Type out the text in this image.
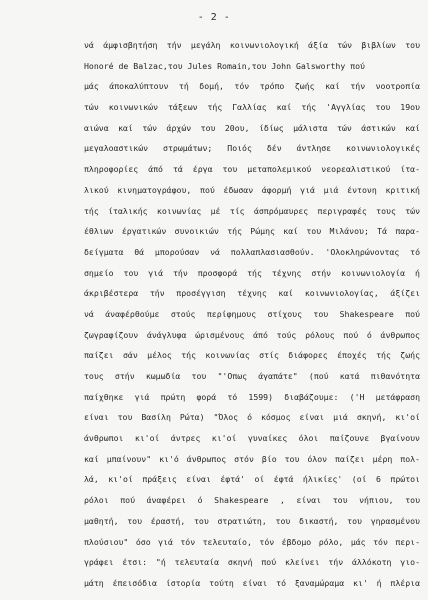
- 2 -
νά άμφισβητήση τήν μεγάλη κοινωνιολογική άξία τών βιβλίων του
Honoré de Balzac,του Jules Romain,του John Galsworthy πού
μάς άποκαλύπτουν τή δομή, τόν τρόπο ζωής καί τήν νοοτροπία
τών κοινωνικών τάξεων τής Γαλλίας καί τής 'Αγγλίας του 19ου
αιώνα καί τών άρχών του 20ου, ίδίως μάλιστα τών άστικών καί
μεγαλοαστικών στρωμάτων; Ποιός δέν άντλησε κοινωνιολογικές
πληροφορίες άπό τά έργα του μεταπολεμικού νεορεαλιστικού ίτα-
λικού κινηματογράφου, πού έδωσαν άφορμή γιά μιά έντονη κριτική
τής ίταλικής κοινωνίας μέ τίς άσπρόμαυρες περιγραφές τους τών
έθλιων έργατικών συνοικιών τής Ρώμης καί του Μιλάνου; Τά παρα-
δείγματα θά μπορούσαν νά πολλαπλασιασθούν. 'Ολοκληρώνοντας τό
σημείο του γιά τήν προσφορά τής τέχνης στήν κοινωνιολογία ή
άκριβέστερα τήν προσέγγιση τέχνης καί κοινωνιολογίας, άξίζει
νά άναφέρθούμε στούς περίφημους στίχους του Shakespeare πού
ζωγραφίζουν άνάγλυφα ώρισμένους άπό τούς ρόλους πού ό άνθρωπος
παίζει σάν μέλος τής κοινωνίας στίς διάφορες έποχές τής ζωής
τους στήν κωμωδία του "'Οπως άγαπάτε" (πού κατά πιθανότητα
παίχθηκε γιά πρώτη φορά τό 1599) διαβάζουμε: ('Η μετάφραση
είναι του Βασίλη Ρώτα) "Όλος ό κόσμος είναι μιά σκηνή, κι'οί
άνθρωποι κι'οί άντρες κι'οί γυναίκες όλοι παίζουνε βγαίνουν
καί μπαίνουν" κι'ό άνθρωπος στόν βίο του όλον παίζει μέρη πολ-
λά, κι'οί πράξεις είναι έφτά' οί έφτά ήλικίες' (οί 6 πρώτοι
ρόλοι πού άναφέρει ό Shakespeare , είναι του νήπιου, του
μαθητή, του έραστή, του στρατιώτη, του δικαστή, του γηρασμένου
πλούσιου" όσο γιά τόν τελευταίο, τόν έβδομο ρόλο, μάς τόν περι-
γράφει έτσι: "ή τελευταία σκηνή πού κλείνει τήν άλλόκοτη γιο-
μάτη έπεισόδια ίστορία τούτη είναι τό ξαναμώραμα κι' ή πλέρια
